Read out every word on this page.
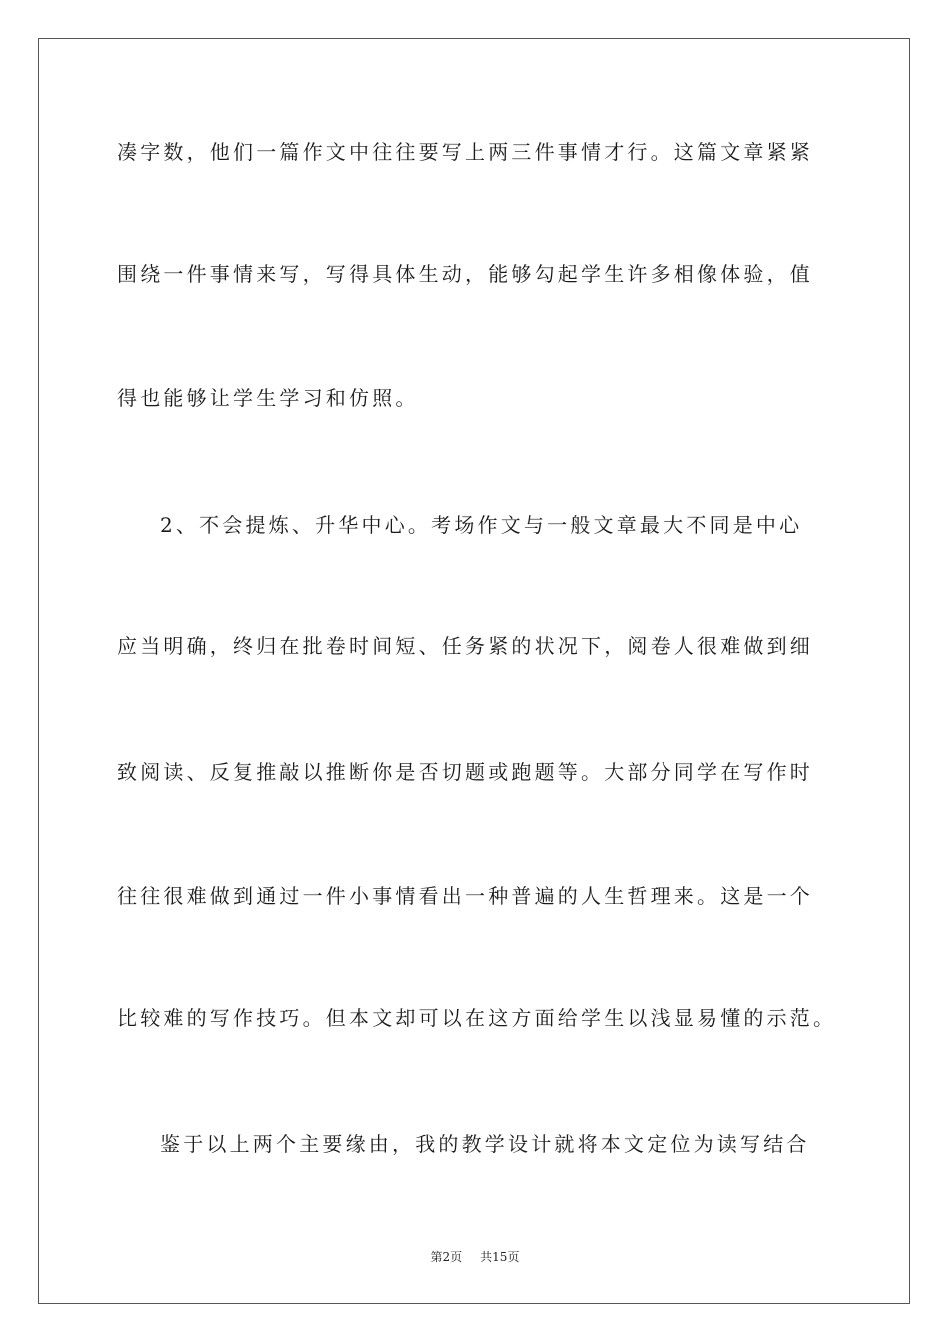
凑字数，他们一篇作文中往往要写上两三件事情才行。这篇文章紧紧
围绕一件事情来写，写得具体生动，能够勾起学生许多相像体验，值
得也能够让学生学习和仿照。
2、不会提炼、升华中心。考场作文与一般文章最大不同是中心
应当明确，终归在批卷时间短、任务紧的状况下，阅卷人很难做到细
致阅读、反复推敲以推断你是否切题或跑题等。大部分同学在写作时
往往很难做到通过一件小事情看出一种普遍的人生哲理来。这是一个
比较难的写作技巧。但本文却可以在这方面给学生以浅显易懂的示范。
鉴于以上两个主要缘由，我的教学设计就将本文定位为读写结合
第2页 共15页
